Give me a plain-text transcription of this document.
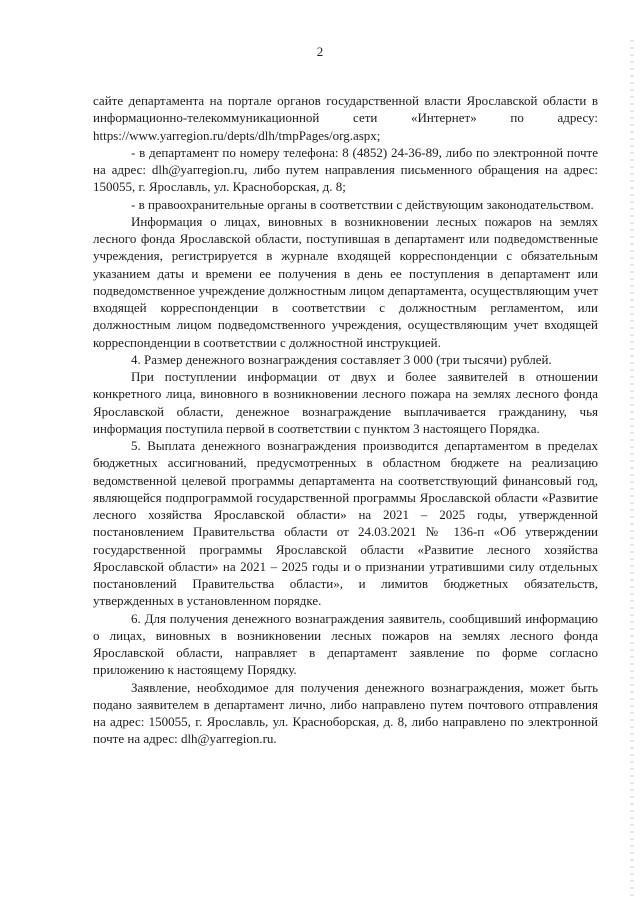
2

сайте департамента на портале органов государственной власти Ярославской области в информационно-телекоммуникационной сети «Интернет» по адресу: https://www.yarregion.ru/depts/dlh/tmpPages/org.aspx;

- в департамент по номеру телефона: 8 (4852) 24-36-89, либо по электронной почте на адрес: dlh@yarregion.ru, либо путем направления письменного обращения на адрес: 150055, г. Ярославль, ул. Красноборская, д. 8;

- в правоохранительные органы в соответствии с действующим законодательством.

Информация о лицах, виновных в возникновении лесных пожаров на землях лесного фонда Ярославской области, поступившая в департамент или подведомственные учреждения, регистрируется в журнале входящей корреспонденции с обязательным указанием даты и времени ее получения в день ее поступления в департамент или подведомственное учреждение должностным лицом департамента, осуществляющим учет входящей корреспонденции в соответствии с должностным регламентом, или должностным лицом подведомственного учреждения, осуществляющим учет входящей корреспонденции в соответствии с должностной инструкцией.

4. Размер денежного вознаграждения составляет 3 000 (три тысячи) рублей.

При поступлении информации от двух и более заявителей в отношении конкретного лица, виновного в возникновении лесного пожара на землях лесного фонда Ярославской области, денежное вознаграждение выплачивается гражданину, чья информация поступила первой в соответствии с пунктом 3 настоящего Порядка.

5. Выплата денежного вознаграждения производится департаментом в пределах бюджетных ассигнований, предусмотренных в областном бюджете на реализацию ведомственной целевой программы департамента на соответствующий финансовый год, являющейся подпрограммой государственной программы Ярославской области «Развитие лесного хозяйства Ярославской области» на 2021 – 2025 годы, утвержденной постановлением Правительства области от 24.03.2021 № 136-п «Об утверждении государственной программы Ярославской области «Развитие лесного хозяйства Ярославской области» на 2021 – 2025 годы и о признании утратившими силу отдельных постановлений Правительства области», и лимитов бюджетных обязательств, утвержденных в установленном порядке.

6. Для получения денежного вознаграждения заявитель, сообщивший информацию о лицах, виновных в возникновении лесных пожаров на землях лесного фонда Ярославской области, направляет в департамент заявление по форме согласно приложению к настоящему Порядку.

Заявление, необходимое для получения денежного вознаграждения, может быть подано заявителем в департамент лично, либо направлено путем почтового отправления на адрес: 150055, г. Ярославль, ул. Красноборская, д. 8, либо направлено по электронной почте на адрес: dlh@yarregion.ru.
